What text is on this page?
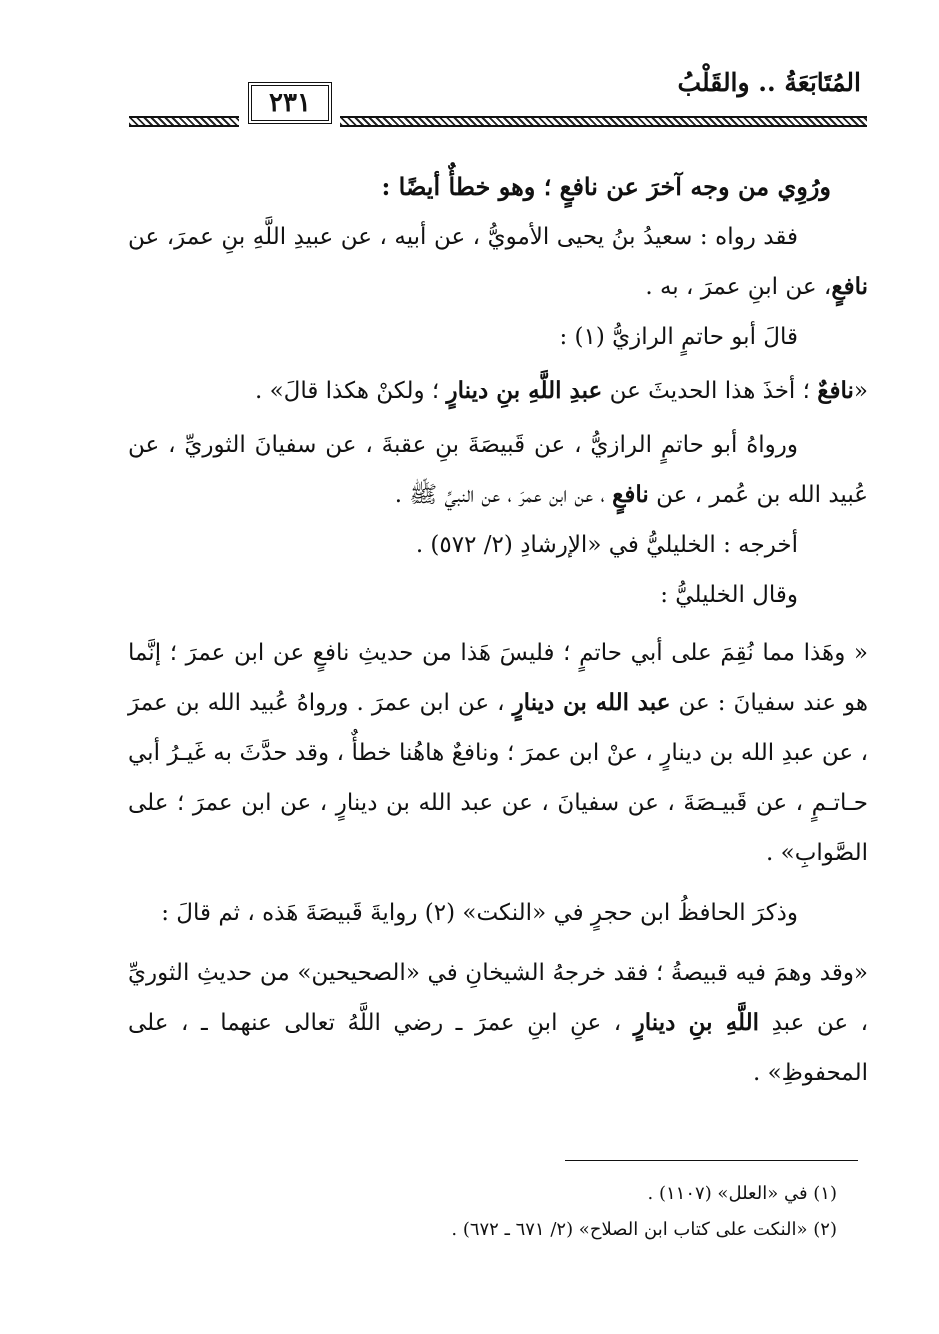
المُتَابَعَةُ .. والقَلْبُ
٢٣١

ورُوِي من وجه آخرَ عن نافعٍ ؛ وهو خطأٌ أيضًا :

فقد رواه : سعيدُ بنُ يحيى الأمويُّ ، عن أبيه ، عن عبيدِ اللَّهِ بنِ عمرَ، عن نافعٍ، عن ابنِ عمرَ ، به .

قالَ أبو حاتمٍ الرازيُّ (١) :

«نافعٌ ؛ أخذَ هذا الحديثَ عن عبدِ اللَّهِ بنِ دينارٍ ؛ ولكنْ هكذا قالَ» .

ورواهُ أبو حاتمٍ الرازيُّ ، عن قَبيصَةَ بنِ عقبةَ ، عن سفيانَ الثوريِّ ، عن عُبيد الله بن عُمر ، عن نافعٍ ، عن ابن عمرَ ، عن النبيِّ ﷺ .

أخرجه : الخليليُّ في «الإرشادِ (٢/ ٥٧٢) .

وقال الخليليُّ :

« وهَذا مما نُقِمَ على أبي حاتمٍ ؛ فليسَ هَذا من حديثِ نافعٍ عن ابن عمرَ ؛ إنَّما هو عند سفيانَ : عن عبد الله بن دينارٍ ، عن ابن عمرَ . ورواهُ عُبيد الله بن عمرَ ، عن عبدِ الله بن دينارٍ ، عنْ ابن عمرَ ؛ ونافعٌ هاهُنا خطأٌ ، وقد حدَّثَ به غَيـرُ أبي حـاتـمٍ ، عن قَبيـصَةَ ، عن سفيانَ ، عن عبد الله بن دينارٍ ، عن ابن عمرَ ؛ على الصَّوابِ» .

وذكرَ الحافظُ ابن حجرٍ في «النكت» (٢) روايةَ قَبيصَةَ هَذه ، ثم قالَ :

«وقد وهمَ فيه قبيصةُ ؛ فقد خرجهُ الشيخانِ في «الصحيحين» من حديثِ الثوريِّ ، عن عبدِ اللَّهِ بنِ دينارٍ ، عنِ ابنِ عمرَ ـ رضي اللَّهُ تعالى عنهما ـ ، على المحفوظِ» .

(١) في «العلل» (١١٠٧) .

(٢) «النكت على كتاب ابن الصلاح» (٢/ ٦٧١ ـ ٦٧٢) .
